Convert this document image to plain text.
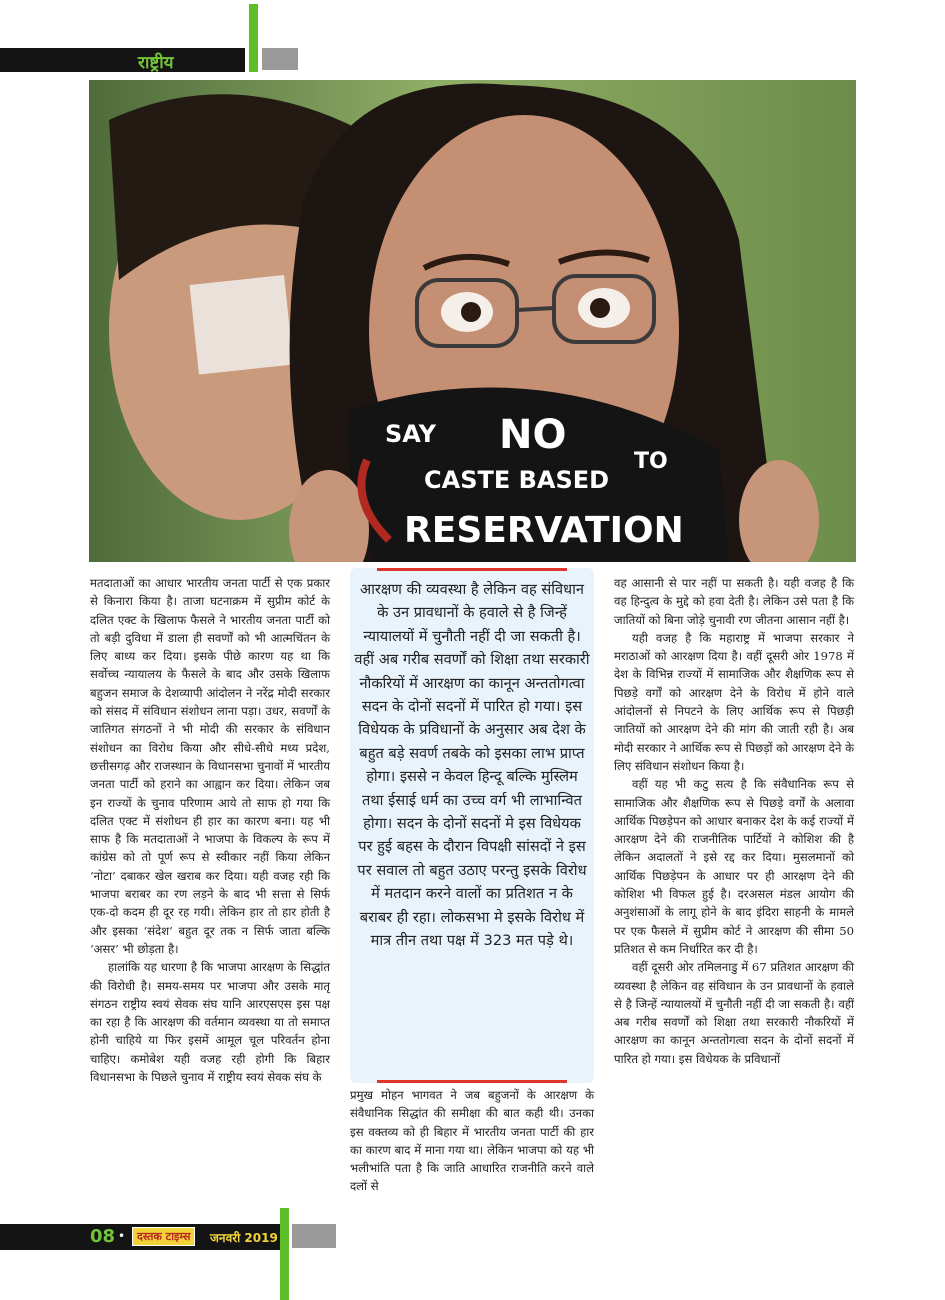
राष्ट्रीय
SAY NO
TO
CASTE BASED
RESERVATION

मतदाताओं का आधार भारतीय जनता पार्टी से एक प्रकार से किनारा किया है। ताजा घटनाक्रम में सुप्रीम कोर्ट के दलित एक्ट के खिलाफ फैसले ने भारतीय जनता पार्टी को तो बड़ी दुविधा में डाला ही सवर्णों को भी आत्मचिंतन के लिए बाध्य कर दिया। इसके पीछे कारण यह था कि सर्वोच्च न्यायालय के फैसले के बाद और उसके खिलाफ बहुजन समाज के देशव्यापी आंदोलन ने नरेंद्र मोदी सरकार को संसद में संविधान संशोधन लाना पड़ा। उधर, सवर्णों के जातिगत संगठनों ने भी मोदी की सरकार के संविधान संशोधन का विरोध किया और सीधे-सीधे मध्य प्रदेश, छत्तीसगढ़ और राजस्थान के विधानसभा चुनावों में भारतीय जनता पार्टी को हराने का आह्वान कर दिया। लेकिन जब इन राज्यों के चुनाव परिणाम आये तो साफ हो गया कि दलित एक्ट में संशोधन ही हार का कारण बना। यह भी साफ है कि मतदाताओं ने भाजपा के विकल्प के रूप में कांग्रेस को तो पूर्ण रूप से स्वीकार नहीं किया लेकिन ‘नोटा’ दबाकर खेल खराब कर दिया। यही वजह रही कि भाजपा बराबर का रण लड़ने के बाद भी सत्ता से सिर्फ एक-दो कदम ही दूर रह गयी। लेकिन हार तो हार होती है और इसका ‘संदेश’ बहुत दूर तक न सिर्फ जाता बल्कि ‘असर’ भी छोड़ता है।

हालांकि यह धारणा है कि भाजपा आरक्षण के सिद्धांत की विरोधी है। समय-समय पर भाजपा और उसके मातृ संगठन राष्ट्रीय स्वयं सेवक संघ यानि आरएसएस इस पक्ष का रहा है कि आरक्षण की वर्तमान व्यवस्था या तो समाप्त होनी चाहिये या फिर इसमें आमूल चूल परिवर्तन होना चाहिए। कमोबेश यही वजह रही होगी कि बिहार विधानसभा के पिछले चुनाव में राष्ट्रीय स्वयं सेवक संघ के

आरक्षण की व्यवस्था है लेकिन वह संविधान के उन प्रावधानों के हवाले से है जिन्हें न्यायालयों में चुनौती नहीं दी जा सकती है। वहीं अब गरीब सवर्णों को शिक्षा तथा सरकारी नौकरियों में आरक्षण का कानून अन्ततोगत्वा सदन के दोनों सदनों में पारित हो गया। इस विधेयक के प्रविधानों के अनुसार अब देश के बहुत बड़े सवर्ण तबके को इसका लाभ प्राप्त होगा। इससे न केवल हिन्दू बल्कि मुस्लिम तथा ईसाई धर्म का उच्च वर्ग भी लाभान्वित होगा। सदन के दोनों सदनों मे इस विधेयक पर हुई बहस के दौरान विपक्षी सांसदों ने इस पर सवाल तो बहुत उठाए परन्तु इसके विरोध में मतदान करने वालों का प्रतिशत न के बराबर ही रहा। लोकसभा मे इसके विरोध में मात्र तीन तथा पक्ष में 323 मत पड़े थे।

प्रमुख मोहन भागवत ने जब बहुजनों के आरक्षण के संवैधानिक सिद्धांत की समीक्षा की बात कही थी। उनका इस वक्तव्य को ही बिहार में भारतीय जनता पार्टी की हार का कारण बाद में माना गया था। लेकिन भाजपा को यह भी भलीभांति पता है कि जाति आधारित राजनीति करने वाले दलों से

वह आसानी से पार नहीं पा सकती है। यही वजह है कि वह हिन्दुत्व के मुद्दे को हवा देती है। लेकिन उसे पता है कि जातियों को बिना जोड़े चुनावी रण जीतना आसान नहीं है।

यही वजह है कि महाराष्ट्र में भाजपा सरकार ने मराठाओं को आरक्षण दिया है। वहीं दूसरी ओर 1978 में देश के विभिन्न राज्यों में सामाजिक और शैक्षणिक रूप से पिछड़े वर्गों को आरक्षण देने के विरोध में होने वाले आंदोलनों से निपटने के लिए आर्थिक रूप से पिछड़ी जातियों को आरक्षण देने की मांग की जाती रही है। अब मोदी सरकार ने आर्थिक रूप से पिछड़ों को आरक्षण देने के लिए संविधान संशोधन किया है।

वहीं यह भी कटु सत्य है कि संवैधानिक रूप से सामाजिक और शैक्षणिक रूप से पिछड़े वर्गों के अलावा आर्थिक पिछड़ेपन को आधार बनाकर देश के कई राज्यों में आरक्षण देने की राजनीतिक पार्टियों ने कोशिश की है लेकिन अदालतों ने इसे रद्द कर दिया। मुसलमानों को आर्थिक पिछड़ेपन के आधार पर ही आरक्षण देने की कोशिश भी विफल हुई है। दरअसल मंडल आयोग की अनुशंसाओं के लागू होने के बाद इंदिरा साहनी के मामले पर एक फैसले में सुप्रीम कोर्ट ने आरक्षण की सीमा 50 प्रतिशत से कम निर्धारित कर दी है।

वहीं दूसरी ओर तमिलनाडु में 67 प्रतिशत आरक्षण की व्यवस्था है लेकिन वह संविधान के उन प्रावधानों के हवाले से है जिन्हें न्यायालयों में चुनौती नहीं दी जा सकती है। वहीं अब गरीब सवर्णों को शिक्षा तथा सरकारी नौकरियों में आरक्षण का कानून अन्ततोगत्वा सदन के दोनों सदनों में पारित हो गया। इस विधेयक के प्रविधानों

08 •	दस्तक टाइम्स	जनवरी 2019
